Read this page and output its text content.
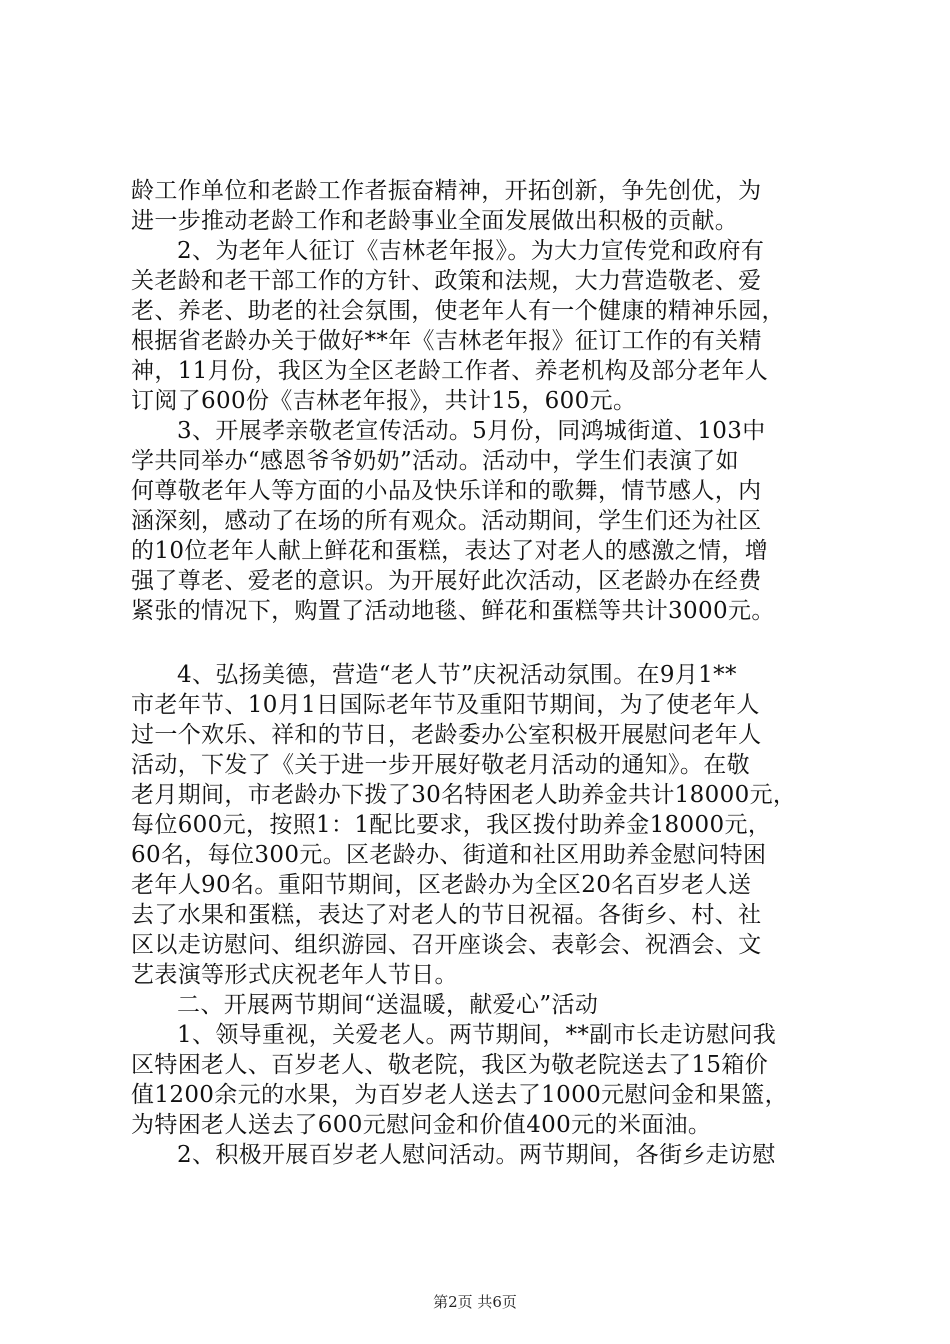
龄工作单位和老龄工作者振奋精神，开拓创新，争先创优，为
进一步推动老龄工作和老龄事业全面发展做出积极的贡献。
2、为老年人征订《吉林老年报》。为大力宣传党和政府有
关老龄和老干部工作的方针、政策和法规，大力营造敬老、爱
老、养老、助老的社会氛围，使老年人有一个健康的精神乐园，
根据省老龄办关于做好**年《吉林老年报》征订工作的有关精
神，11月份，我区为全区老龄工作者、养老机构及部分老年人
订阅了600份《吉林老年报》，共计15，600元。
3、开展孝亲敬老宣传活动。5月份，同鸿城街道、103中
学共同举办“感恩爷爷奶奶”活动。活动中，学生们表演了如
何尊敬老年人等方面的小品及快乐详和的歌舞，情节感人，内
涵深刻，感动了在场的所有观众。活动期间，学生们还为社区
的10位老年人献上鲜花和蛋糕，表达了对老人的感激之情，增
强了尊老、爱老的意识。为开展好此次活动，区老龄办在经费
紧张的情况下，购置了活动地毯、鲜花和蛋糕等共计3000元。
4、弘扬美德，营造“老人节”庆祝活动氛围。在9月1**
市老年节、10月1日国际老年节及重阳节期间，为了使老年人
过一个欢乐、祥和的节日，老龄委办公室积极开展慰问老年人
活动，下发了《关于进一步开展好敬老月活动的通知》。在敬
老月期间，市老龄办下拨了30名特困老人助养金共计18000元，
每位600元，按照1：1配比要求，我区拨付助养金18000元，
60名，每位300元。区老龄办、街道和社区用助养金慰问特困
老年人90名。重阳节期间，区老龄办为全区20名百岁老人送
去了水果和蛋糕，表达了对老人的节日祝福。各街乡、村、社
区以走访慰问、组织游园、召开座谈会、表彰会、祝酒会、文
艺表演等形式庆祝老年人节日。
二、开展两节期间“送温暖，献爱心”活动
1、领导重视，关爱老人。两节期间，**副市长走访慰问我
区特困老人、百岁老人、敬老院，我区为敬老院送去了15箱价
值1200余元的水果，为百岁老人送去了1000元慰问金和果篮，
为特困老人送去了600元慰问金和价值400元的米面油。
2、积极开展百岁老人慰问活动。两节期间，各街乡走访慰
第2页 共6页
